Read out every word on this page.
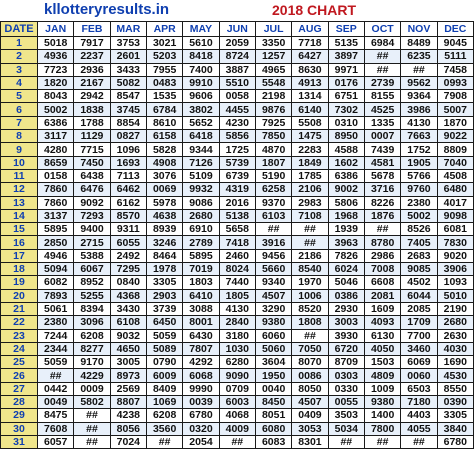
kllotteryresults.in	2018 CHART
DATE	JAN	FEB	MAR	APR	MAY	JUN	JUL	AUG	SEP	OCT	NOV	DEC
1	5018	7917	3753	3021	5610	2059	3350	7718	5135	6984	8489	9045
2	4936	2237	2601	5203	8418	8724	1257	6427	3897	##	6235	5111
3	7723	2936	3433	7955	7400	3887	4965	8630	9971	##	##	7458
4	1820	2167	5082	0483	9910	5510	5548	4913	0176	2739	9562	0993
5	8043	2942	8547	1535	9606	0058	2198	1314	6751	8155	9364	7908
6	5002	1838	3745	6784	3802	4455	9876	6140	7302	4525	3986	5007
7	6386	1788	8854	8610	5652	4230	7925	5508	0310	1335	4130	1870
8	3117	1129	0827	6158	6418	5856	7850	1475	8950	0007	7663	9022
9	4280	7715	1096	5828	9344	1725	4870	2283	4588	7439	1752	8809
10	8659	7450	1693	4908	7126	5739	1807	1849	1602	4581	1905	7040
11	0158	6438	7113	3076	5109	6739	5190	1785	6386	5678	5766	4508
12	7860	6476	6462	0069	9932	4319	6258	2106	9002	3716	9760	6480
13	7860	9092	6162	5978	9086	2016	9370	2983	5806	8226	2380	4017
14	3137	7293	8570	4638	2680	5138	6103	7108	1968	1876	5002	9098
15	5895	9400	9311	8939	6910	5658	##	##	1939	##	8526	6081
16	2850	2715	6055	3246	2789	7418	3916	##	3963	8780	7405	7830
17	4946	5388	2492	8464	5895	2460	9456	2186	7826	2986	2683	9020
18	5094	6067	7295	1978	7019	8024	5660	8540	6024	7008	9085	3906
19	6082	8952	0840	3305	1803	7440	9340	1970	5046	6608	4502	1093
20	7893	5255	4368	2903	6410	1805	4507	1006	0386	2081	6044	5010
21	5061	8394	3430	3739	3088	4130	3290	8520	2930	1609	2085	2190
22	2380	3096	6108	6450	8001	2840	9380	1808	3003	4093	1709	2680
23	7244	6208	9032	5059	6430	3180	6060	##	3930	6130	7700	2630
24	2344	8277	4650	5089	7807	1030	5060	7050	6720	4050	3460	4030
25	5059	9170	3005	0790	4292	6280	3604	8070	8709	1503	6069	1690
26	##	4229	8973	6009	6068	9090	1950	0086	0303	4809	0060	4530
27	0442	0009	2569	8409	9990	0709	0040	8050	0330	1009	6503	8550
28	0049	5802	8807	1069	0039	6003	8450	4507	0055	9380	7180	0390
29	8475	##	4238	6208	6780	4068	8051	0409	3503	1400	4403	3305
30	7608	##	8056	3560	0320	4009	6080	3053	5034	7800	4055	3840
31	6057	##	7024	##	2054	##	6083	8301	##	##	##	6780
